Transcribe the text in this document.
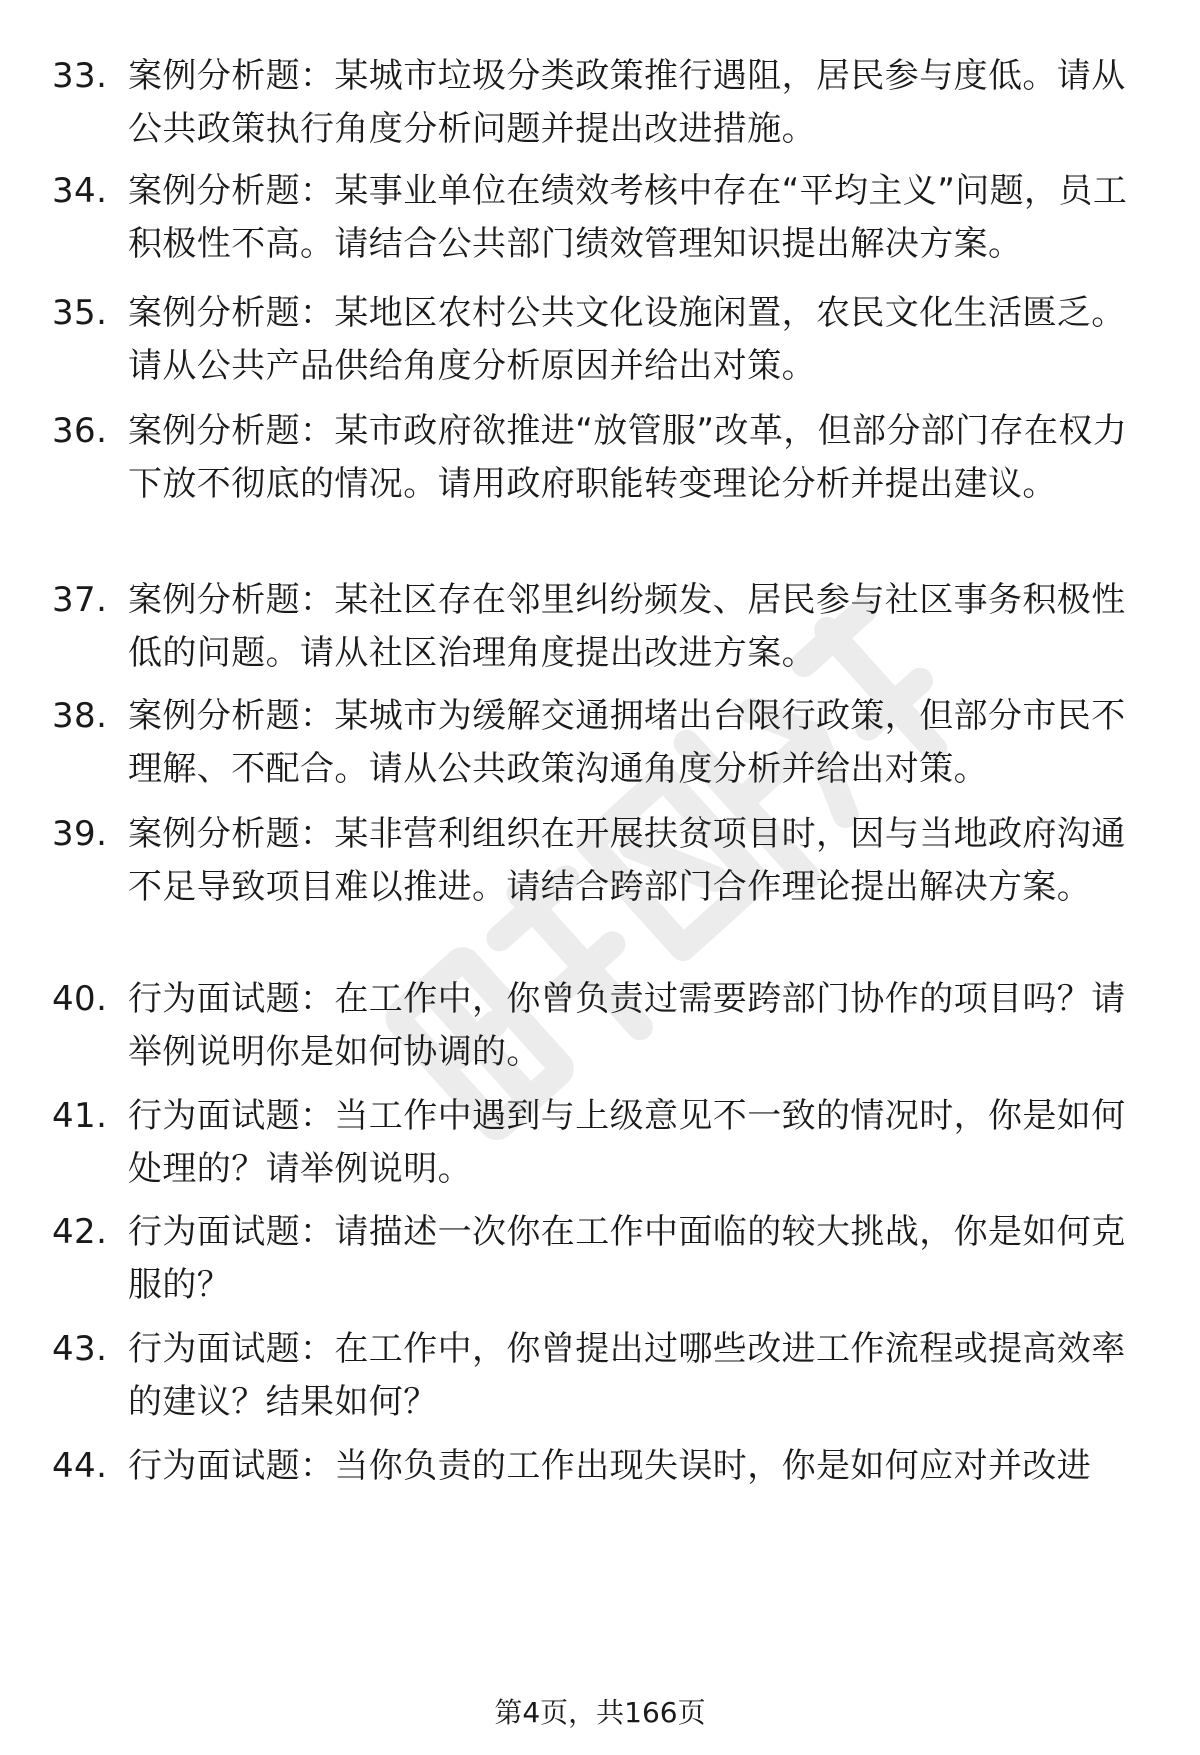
33. 案例分析题：某城市垃圾分类政策推行遇阻，居民参与度低。请从公共政策执行角度分析问题并提出改进措施。
34. 案例分析题：某事业单位在绩效考核中存在“平均主义”问题，员工积极性不高。请结合公共部门绩效管理知识提出解决方案。
35. 案例分析题：某地区农村公共文化设施闲置，农民文化生活匮乏。请从公共产品供给角度分析原因并给出对策。
36. 案例分析题：某市政府欲推进“放管服”改革，但部分部门存在权力下放不彻底的情况。请用政府职能转变理论分析并提出建议。
37. 案例分析题：某社区存在邻里纠纷频发、居民参与社区事务积极性低的问题。请从社区治理角度提出改进方案。
38. 案例分析题：某城市为缓解交通拥堵出台限行政策，但部分市民不理解、不配合。请从公共政策沟通角度分析并给出对策。
39. 案例分析题：某非营利组织在开展扶贫项目时，因与当地政府沟通不足导致项目难以推进。请结合跨部门合作理论提出解决方案。
40. 行为面试题：在工作中，你曾负责过需要跨部门协作的项目吗？请举例说明你是如何协调的。
41. 行为面试题：当工作中遇到与上级意见不一致的情况时，你是如何处理的？请举例说明。
42. 行为面试题：请描述一次你在工作中面临的较大挑战，你是如何克服的？
43. 行为面试题：在工作中，你曾提出过哪些改进工作流程或提高效率的建议？结果如何？
44. 行为面试题：当你负责的工作出现失误时，你是如何应对并改进
第4页，共166页
